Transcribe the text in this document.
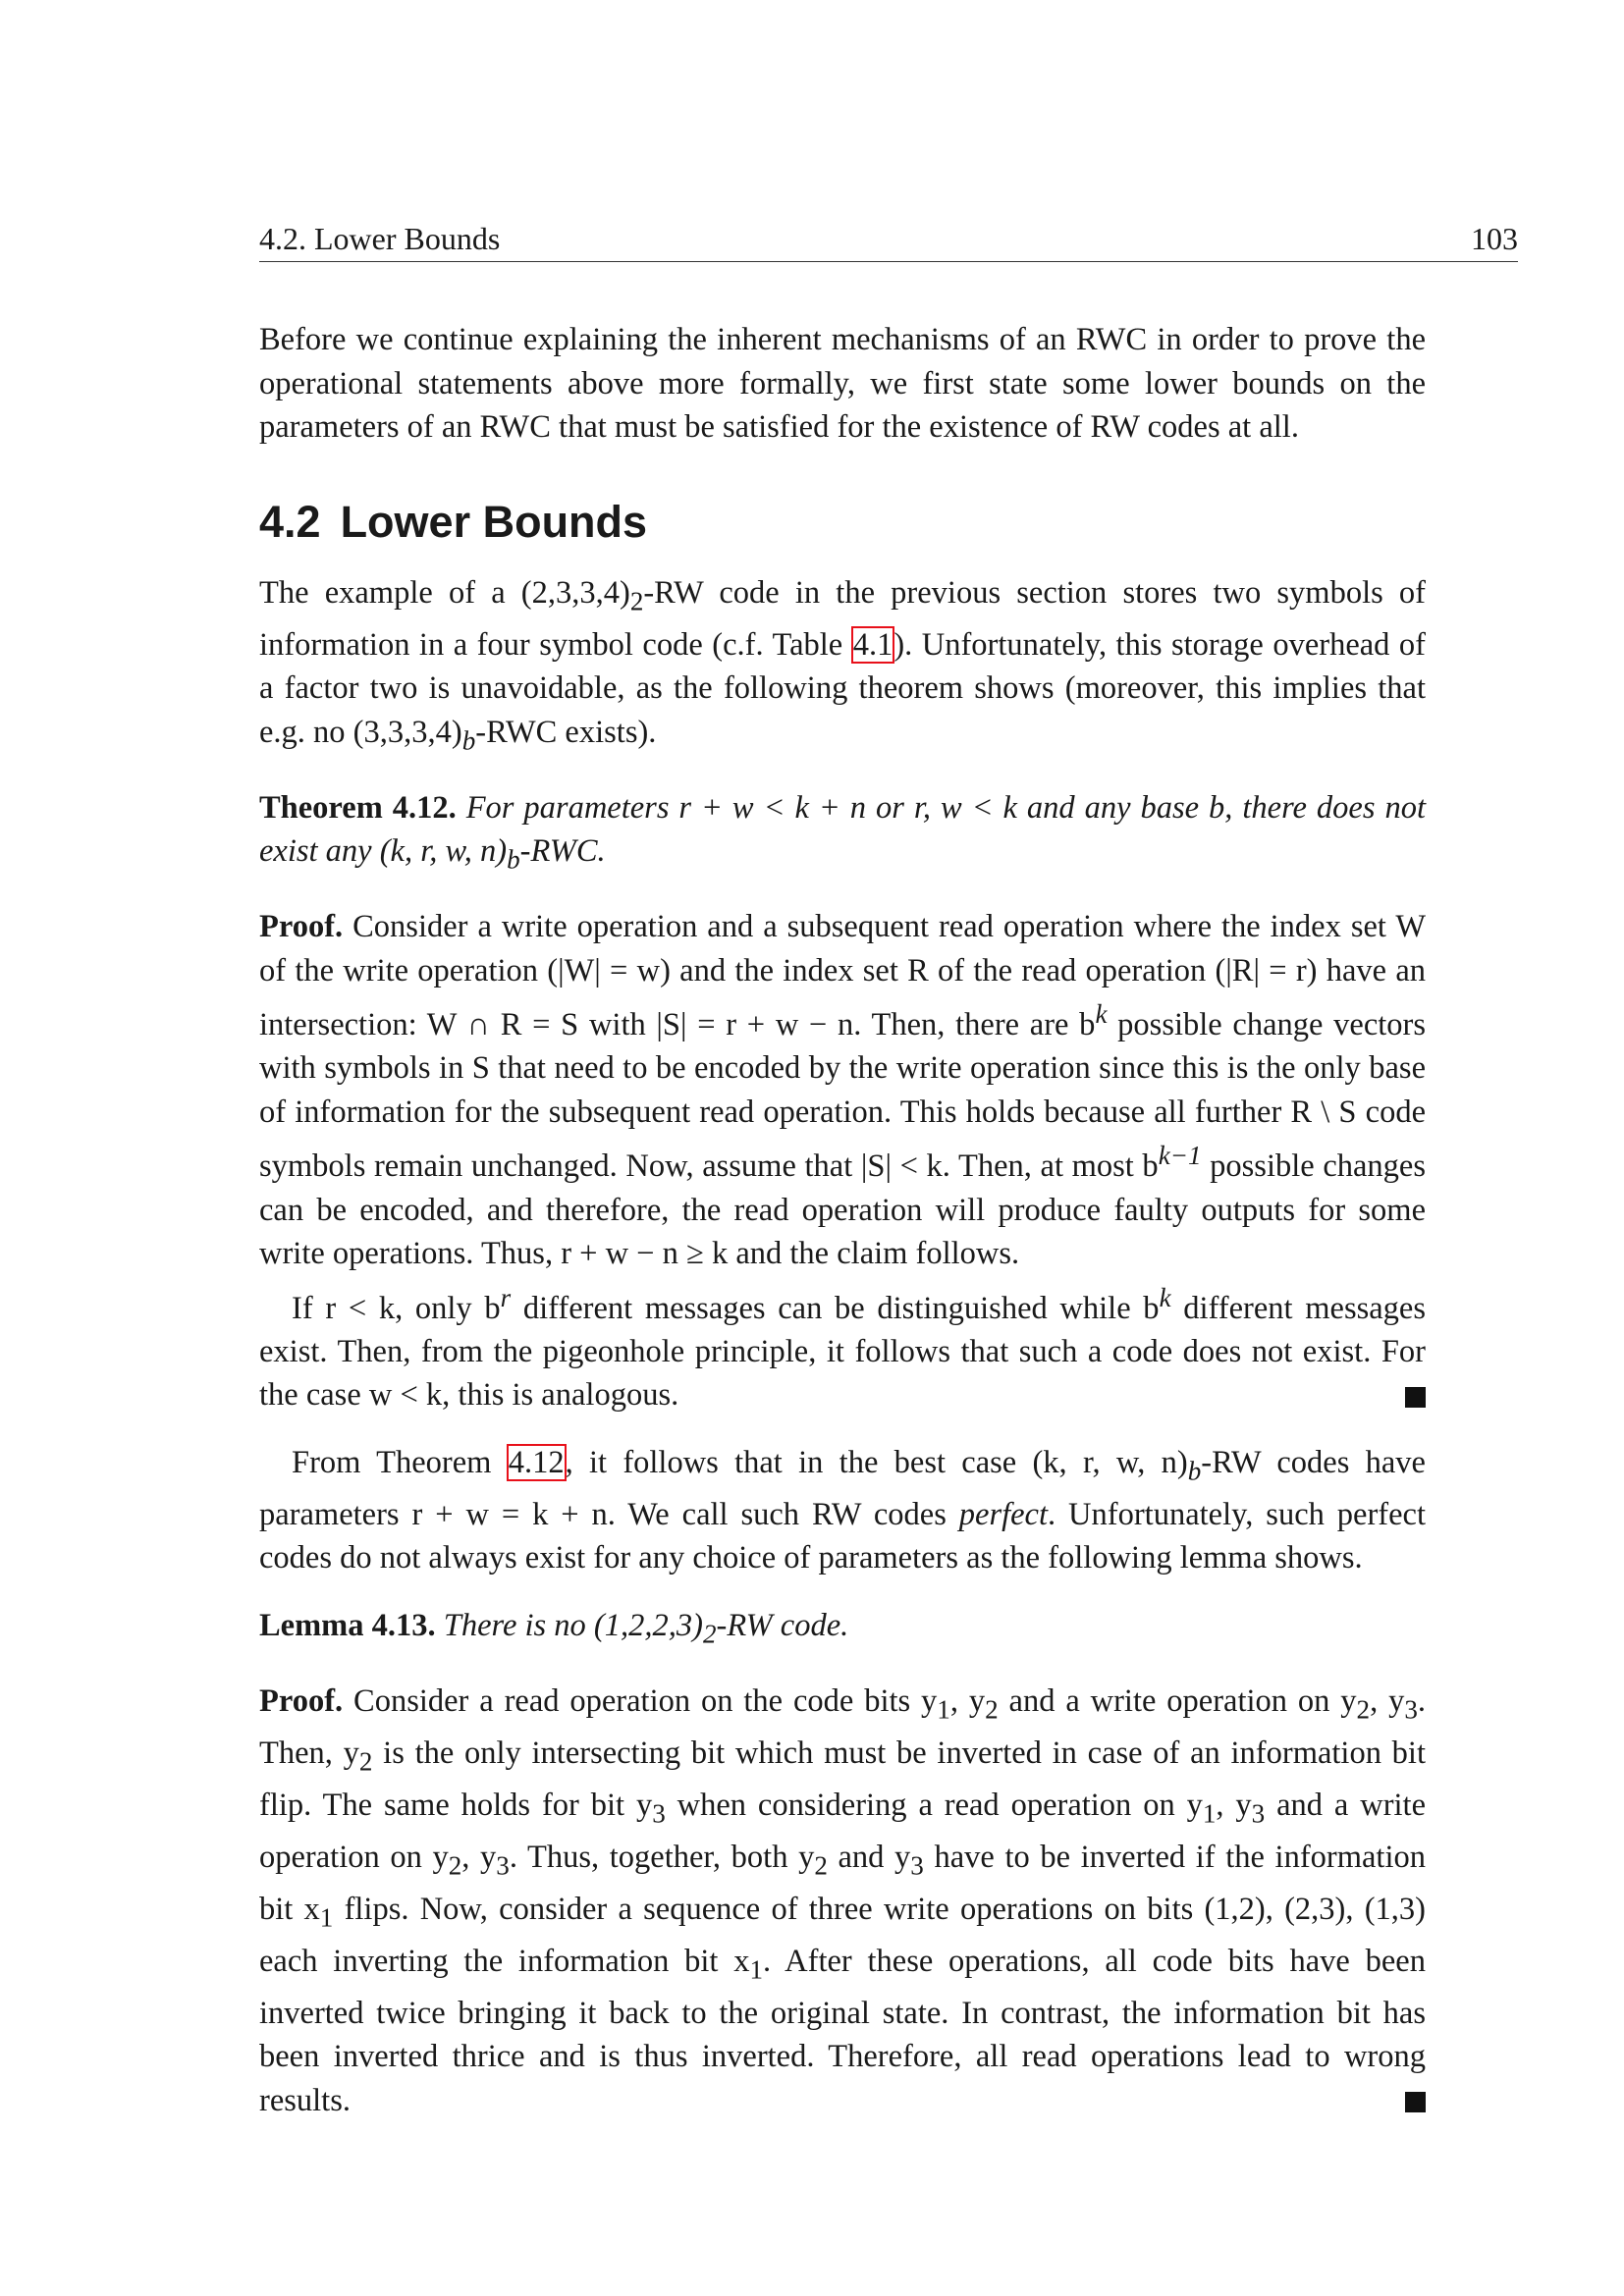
4.2. Lower Bounds	103

Before we continue explaining the inherent mechanisms of an RWC in order to prove the operational statements above more formally, we first state some lower bounds on the parameters of an RWC that must be satisfied for the existence of RW codes at all.

4.2 Lower Bounds

The example of a $(2,3,3,4)_2-RW$ code in the previous section stores two symbols of information in a four symbol code (c.f. Table 4.1). Unfortunately, this storage overhead of a factor two is unavoidable, as the following theorem shows (moreover, this implies that e.g. no $(3,3,3,4)_b$-RWC exists).

Theorem 4.12. For parameters r + w < k + n or r, w < k and any base b, there does not exist any (k, r, w, $n)_b$-RWC.

Proof. Consider a write operation and a subsequent read operation where the index set W of the write operation (|W| = w) and the index set R of the read operation (|R| = r) have an intersection: W ∩ R = S with |S| = r + w − n. Then, there are $b^k$ possible change vectors with symbols in S that need to be encoded by the write operation since this is the only base of information for the subsequent read operation. This holds because all further R \ S code symbols remain unchanged. Now, assume that |S| < k. Then, at most $b^{k-1}$ possible changes can be encoded, and therefore, the read operation will produce faulty outputs for some write operations. Thus, r + w − n ≥ k and the claim follows.

If r < k, only $b^r$ different messages can be distinguished while $b^k$ different messages exist. Then, from the pigeonhole principle, it follows that such a code does not exist. For the case w < k, this is analogous.

From Theorem 4.12, it follows that in the best case (k, r, w, $n)_b-RW$ codes have parameters r + w = k + n. We call such RW codes perfect. Unfortunately, such perfect codes do not always exist for any choice of parameters as the following lemma shows.

Lemma 4.13. There is no $(1,2,2,3)_2-RW$ code.

Proof. Consider a read operation on the code bits $y_1$, $y_2$ and a write operation on $y_2$, $y_3$. Then, $y_2$ is the only intersecting bit which must be inverted in case of an information bit flip. The same holds for bit $y_3$ when considering a read operation on $y_1$, $y_3$ and a write operation on $y_2$, $y_3$. Thus, together, both $y_2$ and $y_3$ have to be inverted if the information bit $x_1$ flips. Now, consider a sequence of three write operations on bits (1,2), (2,3), (1,3) each inverting the information bit $x_1$. After these operations, all code bits have been inverted twice bringing it back to the original state. In contrast, the information bit has been inverted thrice and is thus inverted. Therefore, all read operations lead to wrong results.
